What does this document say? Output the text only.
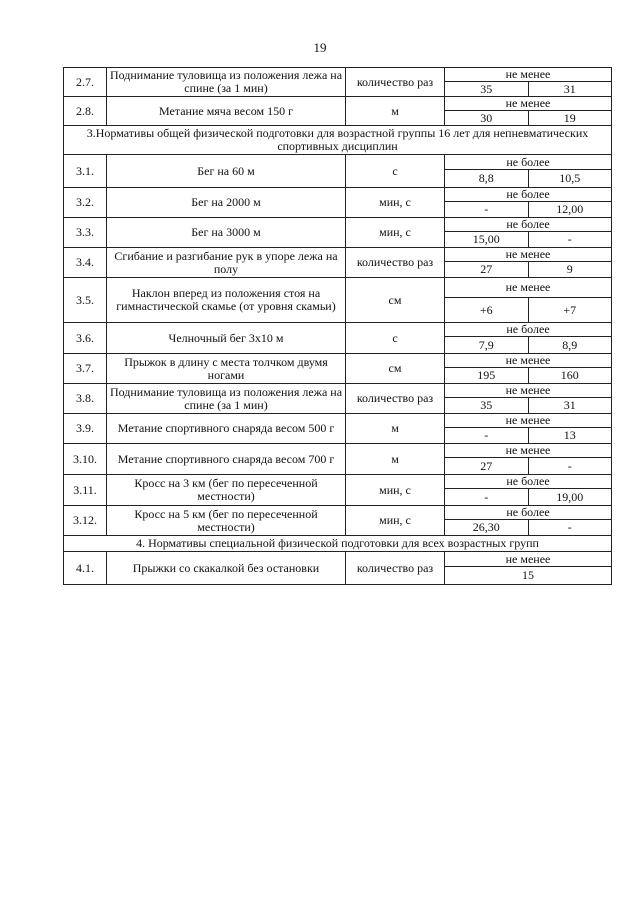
19
2.7.	Поднимание туловища из положения лежа на спине (за 1 мин)	количество раз	не менее	
			35	31
2.8.	Метание мяча весом 150 г	м	не менее	
			30	19
3.Нормативы общей физической подготовки для возрастной группы 16 лет для непневматических спортивных дисциплин				
3.1.	Бег на 60 м	с	не более	
			8,8	10,5
3.2.	Бег на 2000 м	мин, с	не более	
			-	12,00
3.3.	Бег на 3000 м	мин, с	не более	
			15,00	-
3.4.	Сгибание и разгибание рук в упоре лежа на полу	количество раз	не менее	
			27	9
3.5.	Наклон вперед из положения стоя на гимнастической скамье (от уровня скамьи)	см	не менее	
			+6	+7
3.6.	Челночный бег 3х10 м	с	не более	
			7,9	8,9
3.7.	Прыжок в длину с места толчком двумя ногами	см	не менее	
			195	160
3.8.	Поднимание туловища из положения лежа на спине (за 1 мин)	количество раз	не менее	
			35	31
3.9.	Метание спортивного снаряда весом 500 г	м	не менее	
			-	13
3.10.	Метание спортивного снаряда весом 700 г	м	не менее	
			27	-
3.11.	Кросс на 3 км (бег по пересеченной местности)	мин, с	не более	
			-	19,00
3.12.	Кросс на 5 км (бег по пересеченной местности)	мин, с	не более	
			26,30	-
4. Нормативы специальной физической подготовки для всех возрастных групп				
4.1.	Прыжки со скакалкой без остановки	количество раз	не менее	
			15	
